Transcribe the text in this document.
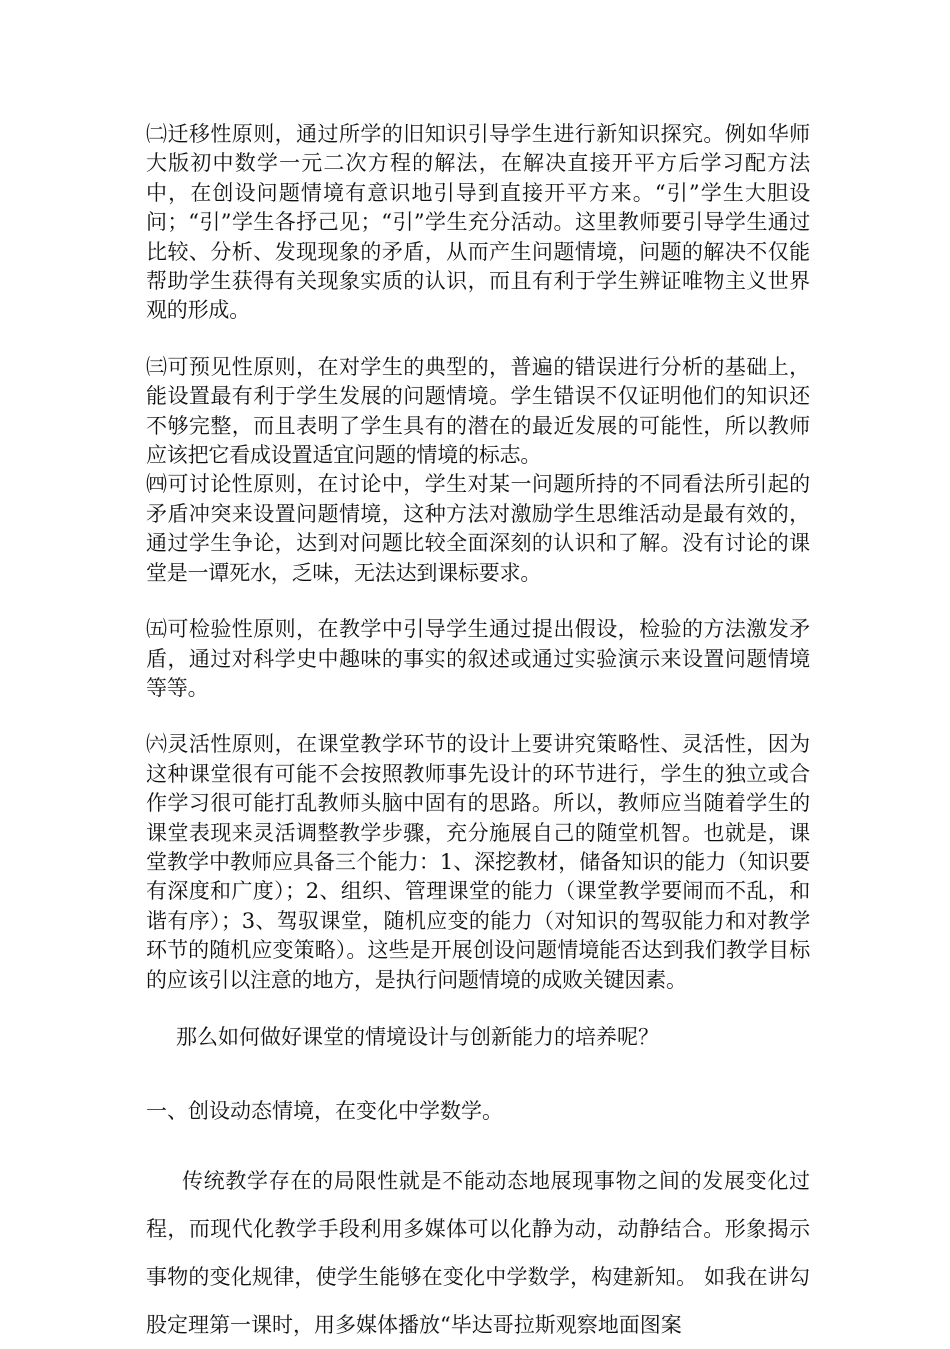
㈡迁移性原则，通过所学的旧知识引导学生进行新知识探究。例如华师大版初中数学一元二次方程的解法，在解决直接开平方后学习配方法中，在创设问题情境有意识地引导到直接开平方来。“引”学生大胆设问；“引”学生各抒己见；“引”学生充分活动。这里教师要引导学生通过比较、分析、发现现象的矛盾，从而产生问题情境，问题的解决不仅能帮助学生获得有关现象实质的认识，而且有利于学生辨证唯物主义世界观的形成。

㈢可预见性原则，在对学生的典型的，普遍的错误进行分析的基础上，能设置最有利于学生发展的问题情境。学生错误不仅证明他们的知识还不够完整，而且表明了学生具有的潜在的最近发展的可能性，所以教师应该把它看成设置适宜问题的情境的标志。

㈣可讨论性原则，在讨论中，学生对某一问题所持的不同看法所引起的矛盾冲突来设置问题情境，这种方法对激励学生思维活动是最有效的，通过学生争论，达到对问题比较全面深刻的认识和了解。没有讨论的课堂是一谭死水，乏味，无法达到课标要求。

㈤可检验性原则，在教学中引导学生通过提出假设，检验的方法激发矛盾，通过对科学史中趣味的事实的叙述或通过实验演示来设置问题情境等等。

㈥灵活性原则，在课堂教学环节的设计上要讲究策略性、灵活性，因为这种课堂很有可能不会按照教师事先设计的环节进行，学生的独立或合作学习很可能打乱教师头脑中固有的思路。所以，教师应当随着学生的课堂表现来灵活调整教学步骤，充分施展自己的随堂机智。也就是，课堂教学中教师应具备三个能力：1、深挖教材，储备知识的能力（知识要有深度和广度）；2、组织、管理课堂的能力（课堂教学要闹而不乱，和谐有序）；3、驾驭课堂，随机应变的能力（对知识的驾驭能力和对教学环节的随机应变策略）。这些是开展创设问题情境能否达到我们教学目标的应该引以注意的地方，是执行问题情境的成败关键因素。

那么如何做好课堂的情境设计与创新能力的培养呢？

一、创设动态情境，在变化中学数学。

传统教学存在的局限性就是不能动态地展现事物之间的发展变化过程，而现代化教学手段利用多媒体可以化静为动，动静结合。形象揭示事物的变化规律，使学生能够在变化中学数学，构建新知。 如我在讲勾股定理第一课时，用多媒体播放“毕达哥拉斯观察地面图案
